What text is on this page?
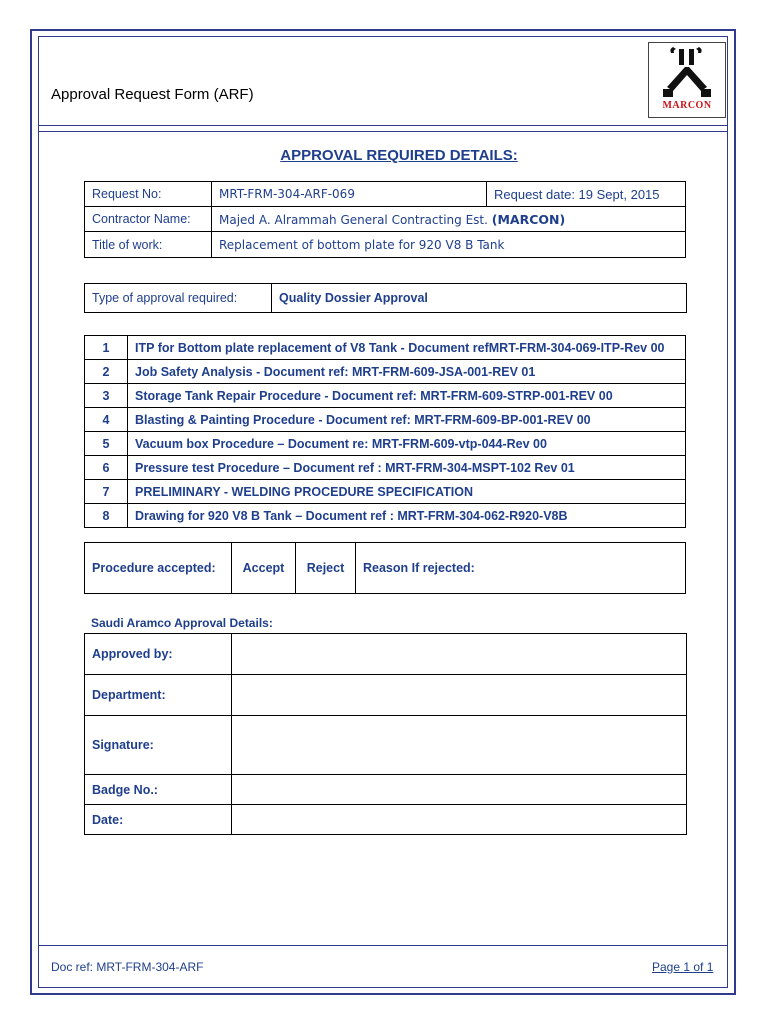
Approval Request Form (ARF)
MARCON
APPROVAL REQUIRED DETAILS:
Request No:	MRT-FRM-304-ARF-069	Request date: 19 Sept, 2015
Contractor Name:	Majed A. Alrammah General Contracting Est. (MARCON)	
Title of work:	Replacement of bottom plate for 920 V8 B Tank	
Type of approval required:	Quality Dossier Approval
1	ITP for Bottom plate replacement of V8 Tank - Document refMRT-FRM-304-069-ITP-Rev 00
2	Job Safety Analysis - Document ref: MRT-FRM-609-JSA-001-REV 01
3	Storage Tank Repair Procedure - Document ref: MRT-FRM-609-STRP-001-REV 00
4	Blasting & Painting Procedure - Document ref: MRT-FRM-609-BP-001-REV 00
5	Vacuum box Procedure – Document re: MRT-FRM-609-vtp-044-Rev 00
6	Pressure test Procedure – Document ref : MRT-FRM-304-MSPT-102 Rev 01
7	PRELIMINARY - WELDING PROCEDURE SPECIFICATION
8	Drawing for 920 V8 B Tank – Document ref : MRT-FRM-304-062-R920-V8B
Procedure accepted:	Accept	Reject	Reason If rejected:
Saudi Aramco Approval Details:
Approved by:	
Department:	
Signature:	
Badge No.:	
Date:	
Doc ref: MRT-FRM-304-ARF	Page 1 of 1
